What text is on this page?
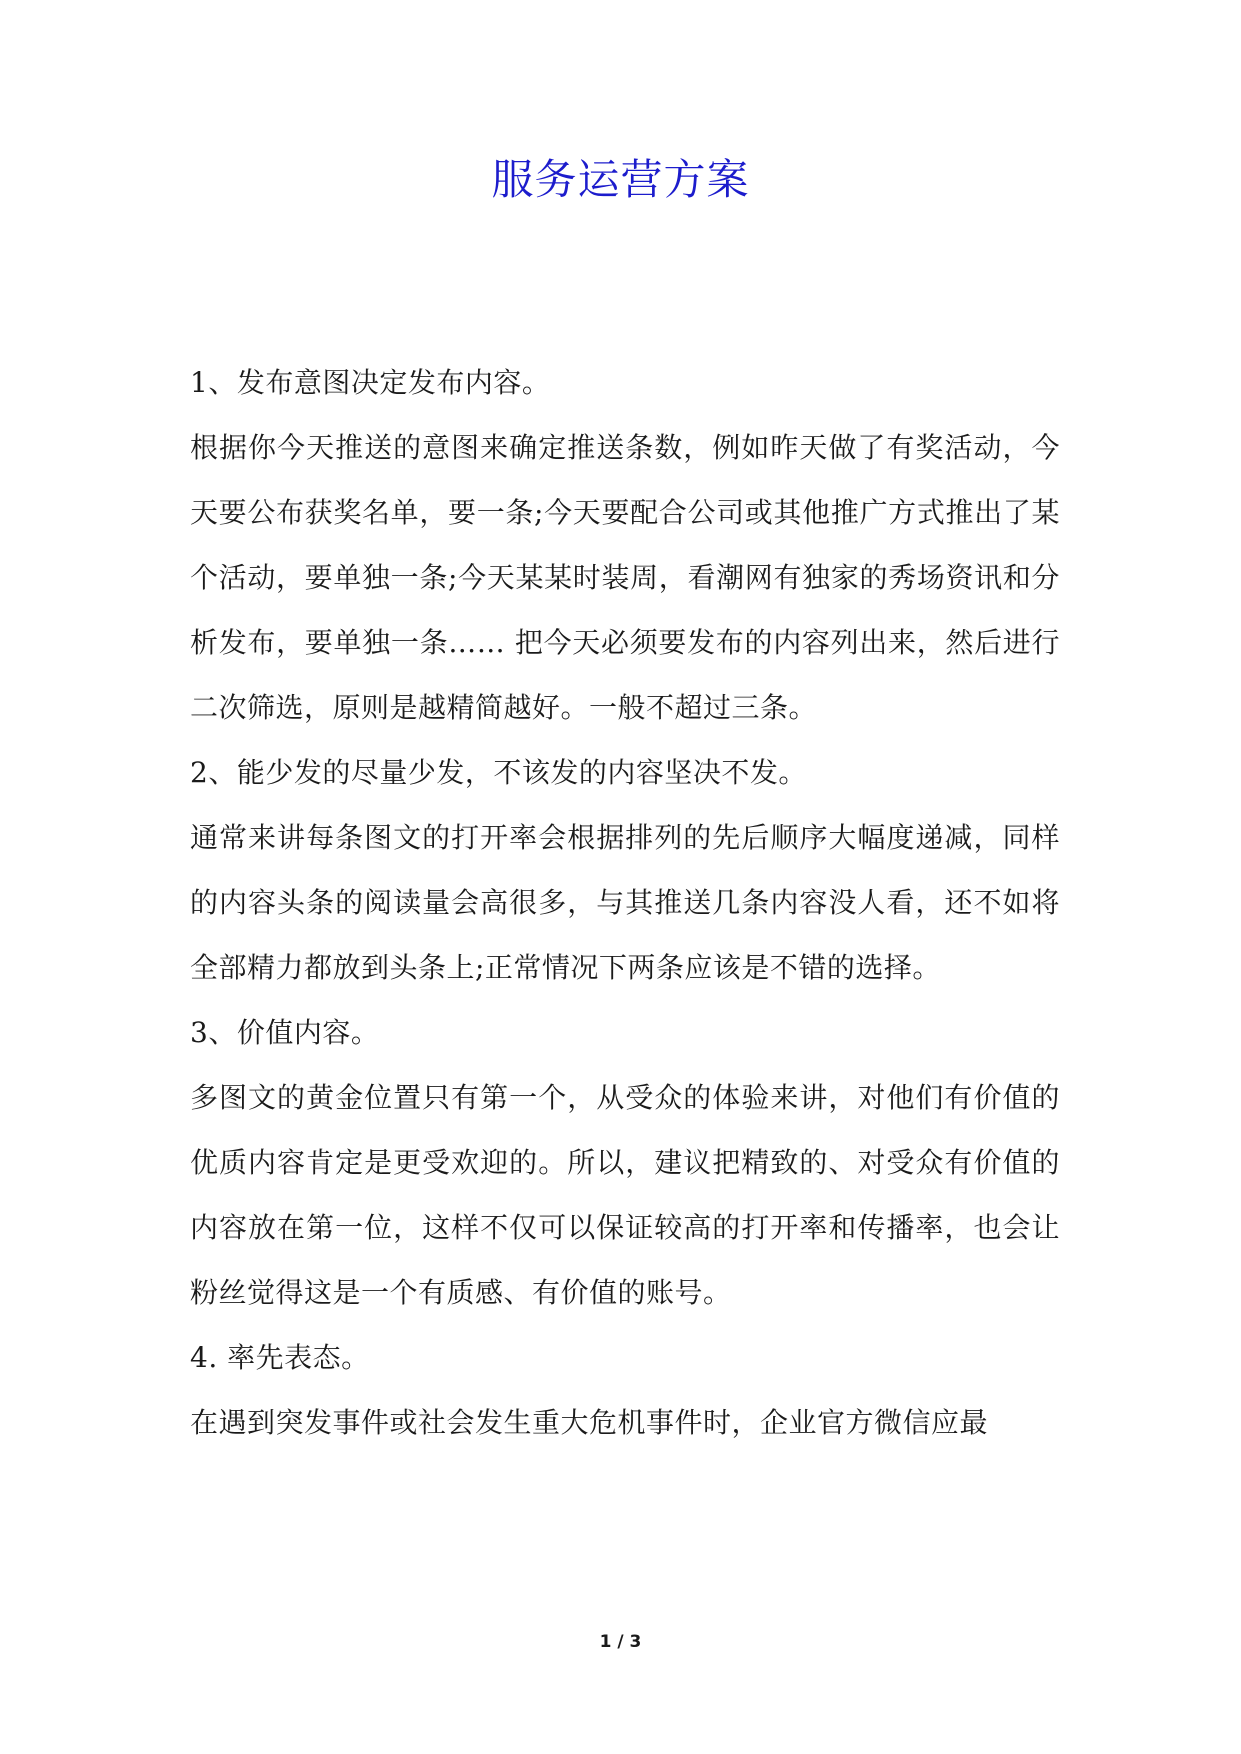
服务运营方案

1、发布意图决定发布内容。

根据你今天推送的意图来确定推送条数，例如昨天做了有奖活动，今天要公布获奖名单，要一条;今天要配合公司或其他推广方式推出了某个活动，要单独一条;今天某某时装周，看潮网有独家的秀场资讯和分析发布，要单独一条…… 把今天必须要发布的内容列出来，然后进行二次筛选，原则是越精简越好。一般不超过三条。

2、能少发的尽量少发，不该发的内容坚决不发。

通常来讲每条图文的打开率会根据排列的先后顺序大幅度递减，同样的内容头条的阅读量会高很多，与其推送几条内容没人看，还不如将全部精力都放到头条上;正常情况下两条应该是不错的选择。

3、价值内容。

多图文的黄金位置只有第一个，从受众的体验来讲，对他们有价值的优质内容肯定是更受欢迎的。所以，建议把精致的、对受众有价值的内容放在第一位，这样不仅可以保证较高的打开率和传播率，也会让粉丝觉得这是一个有质感、有价值的账号。

4. 率先表态。

在遇到突发事件或社会发生重大危机事件时，企业官方微信应最

1 / 3
